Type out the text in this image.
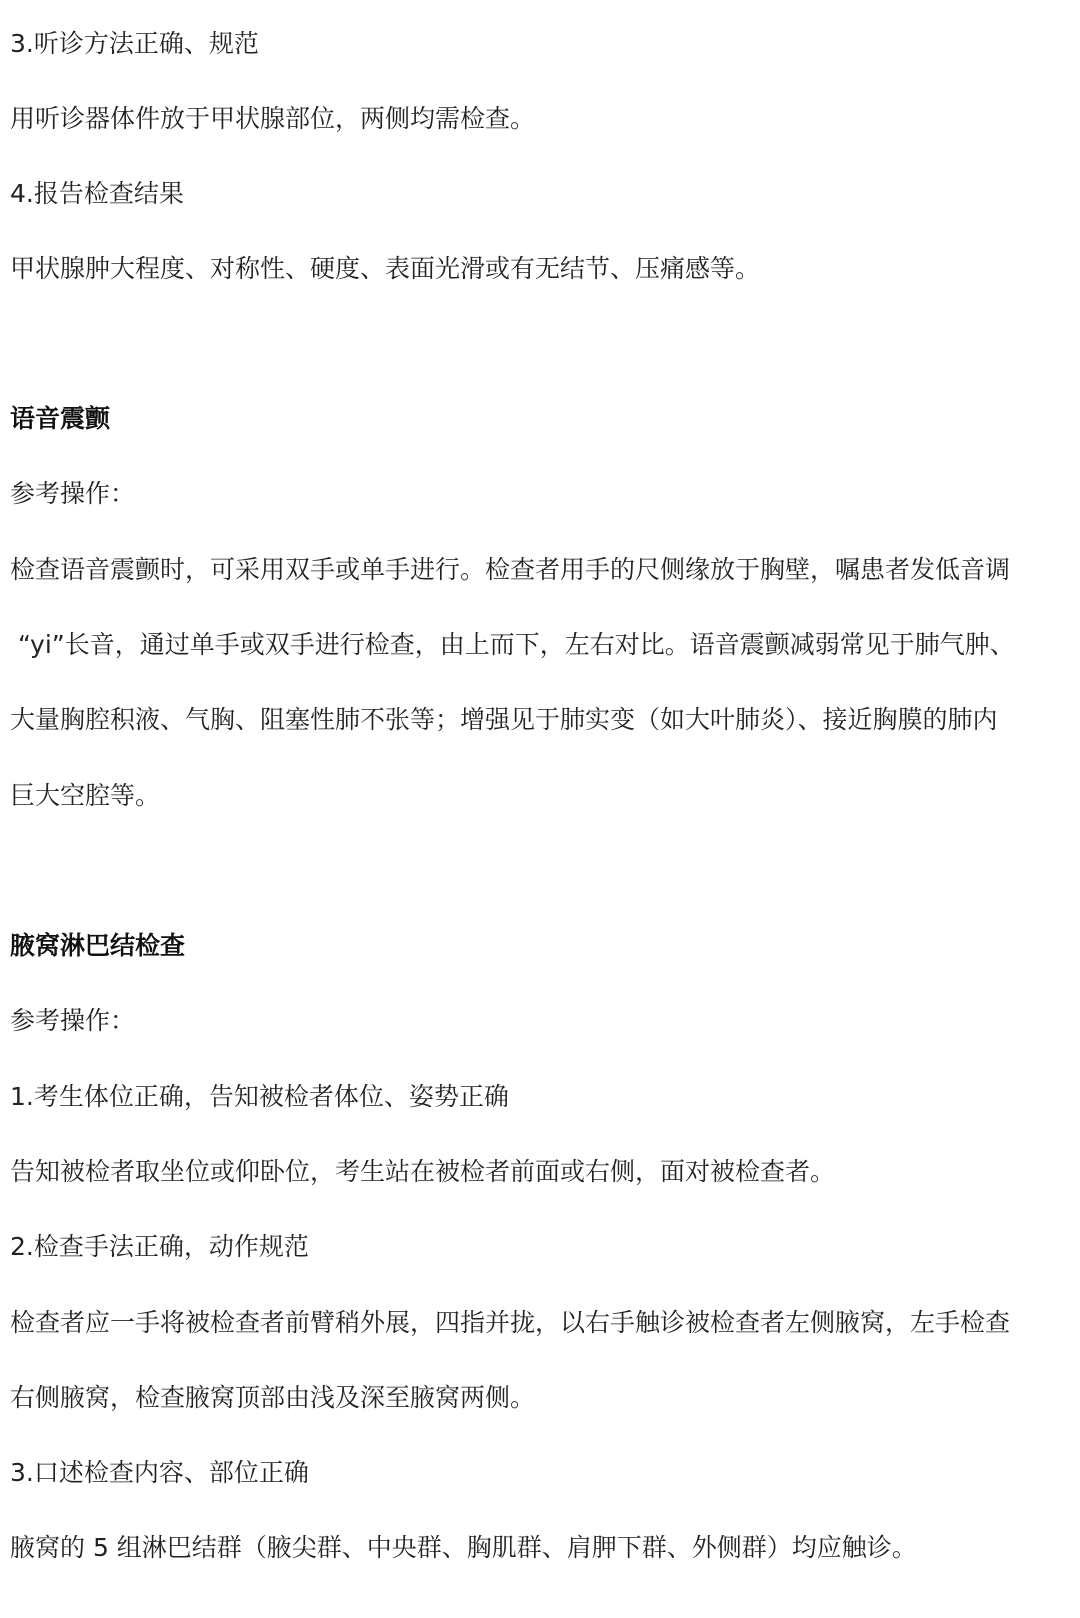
3.听诊方法正确、规范
用听诊器体件放于甲状腺部位，两侧均需检查。
4.报告检查结果
甲状腺肿大程度、对称性、硬度、表面光滑或有无结节、压痛感等。
语音震颤
参考操作：
检查语音震颤时，可采用双手或单手进行。检查者用手的尺侧缘放于胸壁，嘱患者发低音调
“yi”长音，通过单手或双手进行检查，由上而下，左右对比。语音震颤减弱常见于肺气肿、
大量胸腔积液、气胸、阻塞性肺不张等；增强见于肺实变（如大叶肺炎）、接近胸膜的肺内
巨大空腔等。
腋窝淋巴结检查
参考操作：
1.考生体位正确，告知被检者体位、姿势正确
告知被检者取坐位或仰卧位，考生站在被检者前面或右侧，面对被检查者。
2.检查手法正确，动作规范
检查者应一手将被检查者前臂稍外展，四指并拢，以右手触诊被检查者左侧腋窝，左手检查
右侧腋窝，检查腋窝顶部由浅及深至腋窝两侧。
3.口述检查内容、部位正确
腋窝的 5 组淋巴结群（腋尖群、中央群、胸肌群、肩胛下群、外侧群）均应触诊。
